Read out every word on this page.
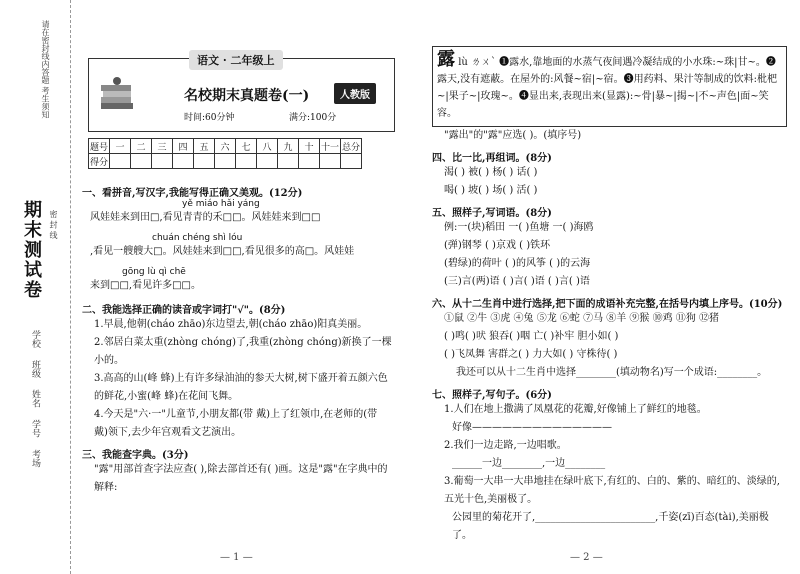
请在密封线内答题 考生须知
期末测试卷 密 封 线
学校　 班级　 姓名　 学号　 考场
语文 · 二年级上
名校期末真题卷(一)	人教版
时间:60分钟	满分:100分
题号	一	二	三	四	五	六	七	八	九	十	十一	总分
得分												
一、看拼音,写汉字,我能写得正确又美观。(12分)
yě miáo hǎi yáng
风娃娃来到田□,看见青青的禾□□。风娃娃来到□□
chuán chéng shì lóu
,看见一艘艘大□。风娃娃来到□□,看见很多的高□。风娃娃
gōng lù qì chē
来到□□,看见许多□□。
二、我能选择正确的读音或字词打"√"。(8分)
1.早晨,他朝(cháo zhāo)东边望去,朝(cháo zhāo)阳真美丽。
2.邻居白菜太重(zhòng chóng)了,我重(zhòng chóng)新换了一棵小的。
3.高高的山(峰 蜂)上有许多绿油油的参天大树,树下盛开着五颜六色的鲜花,小蜜(峰 蜂)在花间飞舞。
4.今天是"六·一"儿童节,小朋友都(带 戴)上了红领巾,在老师的(带 戴)领下,去少年宫观看文艺演出。
三、我能查字典。(3分)
"露"用部首查字法应查( ),除去部首还有( )画。这是"露"在字典中的解释:
— 1 —
露 lù ㄌㄨˋ ❶露水,靠地面的水蒸气夜间遇冷凝结成的小水珠:~珠|甘~。❷露天,没有遮蔽。在屋外的:风餐~宿|~宿。❸用药料、果汁等制成的饮料:枇杷~|果子~|玫瑰~。❹显出来,表现出来(显露):~骨|暴~|揭~|不~声色|面~笑容。
"露出"的"露"应选( )。(填序号)
四、比一比,再组词。(8分)
渴( ) 被( ) 杨( ) 话( )
喝( ) 坡( ) 场( ) 活( )
五、照样子,写词语。(8分)
例:一(块)稻田 一( )鱼塘 一( )海鸥
(弹)钢琴 ( )京戏 ( )铁环
(碧绿)的荷叶 ( )的风筝 ( )的云海
(三)言(两)语 ( )言( )语 ( )言( )语
六、从十二生肖中进行选择,把下面的成语补充完整,在括号内填上序号。(10分)
①鼠 ②牛 ③虎 ④兔 ⑤龙 ⑥蛇 ⑦马 ⑧羊 ⑨猴 ⑩鸡 ⑪狗 ⑫猪
( )鸣( )吠 狼吞( )咽 亡( )补牢 胆小如( )
( )飞凤舞 害群之( ) 力大如( ) 守株待( )
我还可以从十二生肖中选择________(填动物名)写一个成语:________。
七、照样子,写句子。(6分)
1.人们在地上撒满了凤凰花的花瓣,好像铺上了鲜红的地毯。
好像——————————————
2.我们一边走路,一边唱歌。
______一边________,一边________
3.葡萄一大串一大串地挂在绿叶底下,有红的、白的、紫的、暗红的、淡绿的,五光十色,美丽极了。
公园里的菊花开了,________________________,千姿(zī)百态(tài),美丽极了。
— 2 —
